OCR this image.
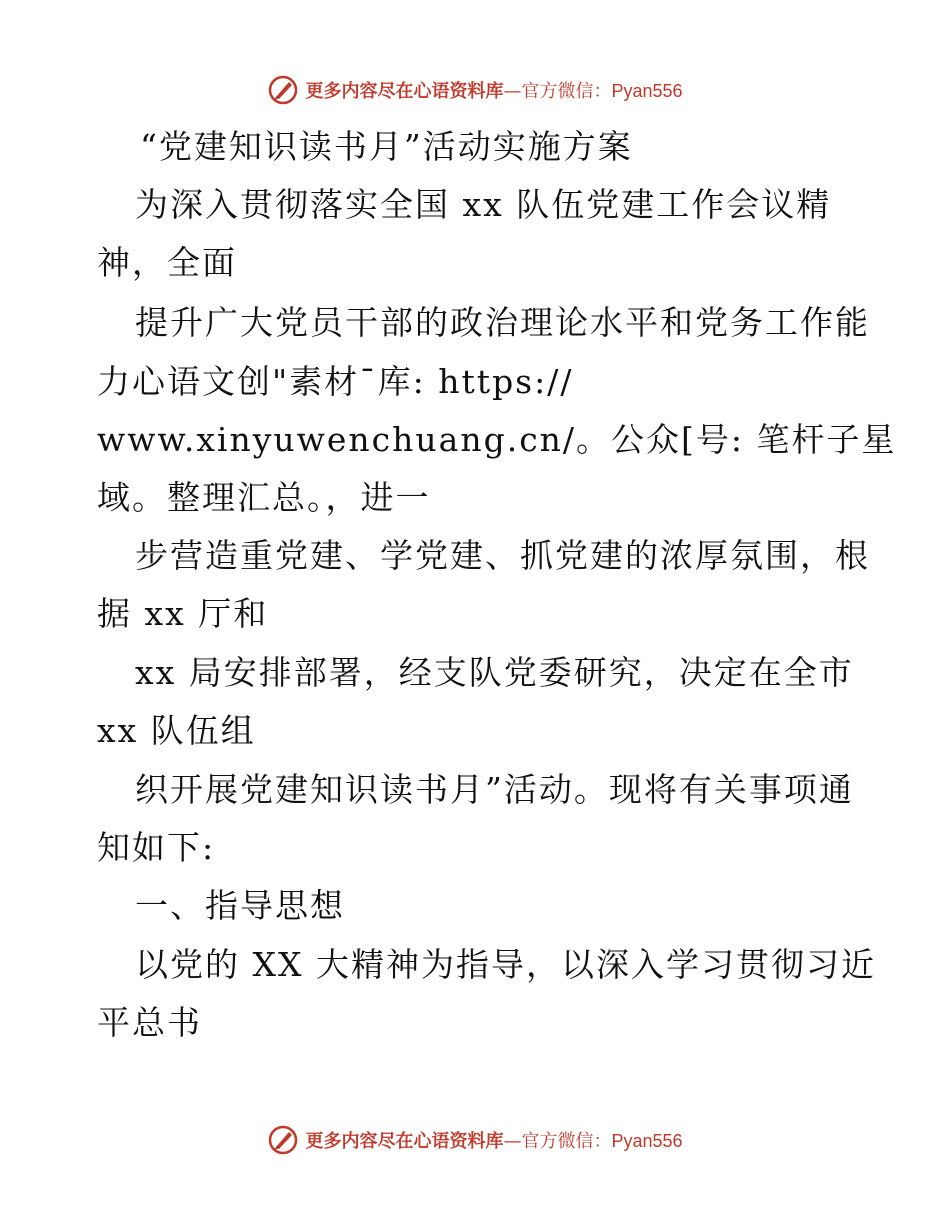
更多内容尽在心语资料库—官方微信：Pyan556
“党建知识读书月”活动实施方案
为深入贯彻落实全国 xx 队伍党建工作会议精
神，全面
提升广大党员干部的政治理论水平和党务工作能
力心语文创"素材¯库: https://
www.xinyuwenchuang.cn/。公众[号: 笔杆子星
域。整理汇总。，进一
步营造重党建、学党建、抓党建的浓厚氛围，根
据 xx 厅和
xx 局安排部署，经支队党委研究，决定在全市
xx 队伍组
织开展党建知识读书月”活动。现将有关事项通
知如下:
一、指导思想
以党的 XX 大精神为指导，以深入学习贯彻习近
平总书
更多内容尽在心语资料库—官方微信：Pyan556
